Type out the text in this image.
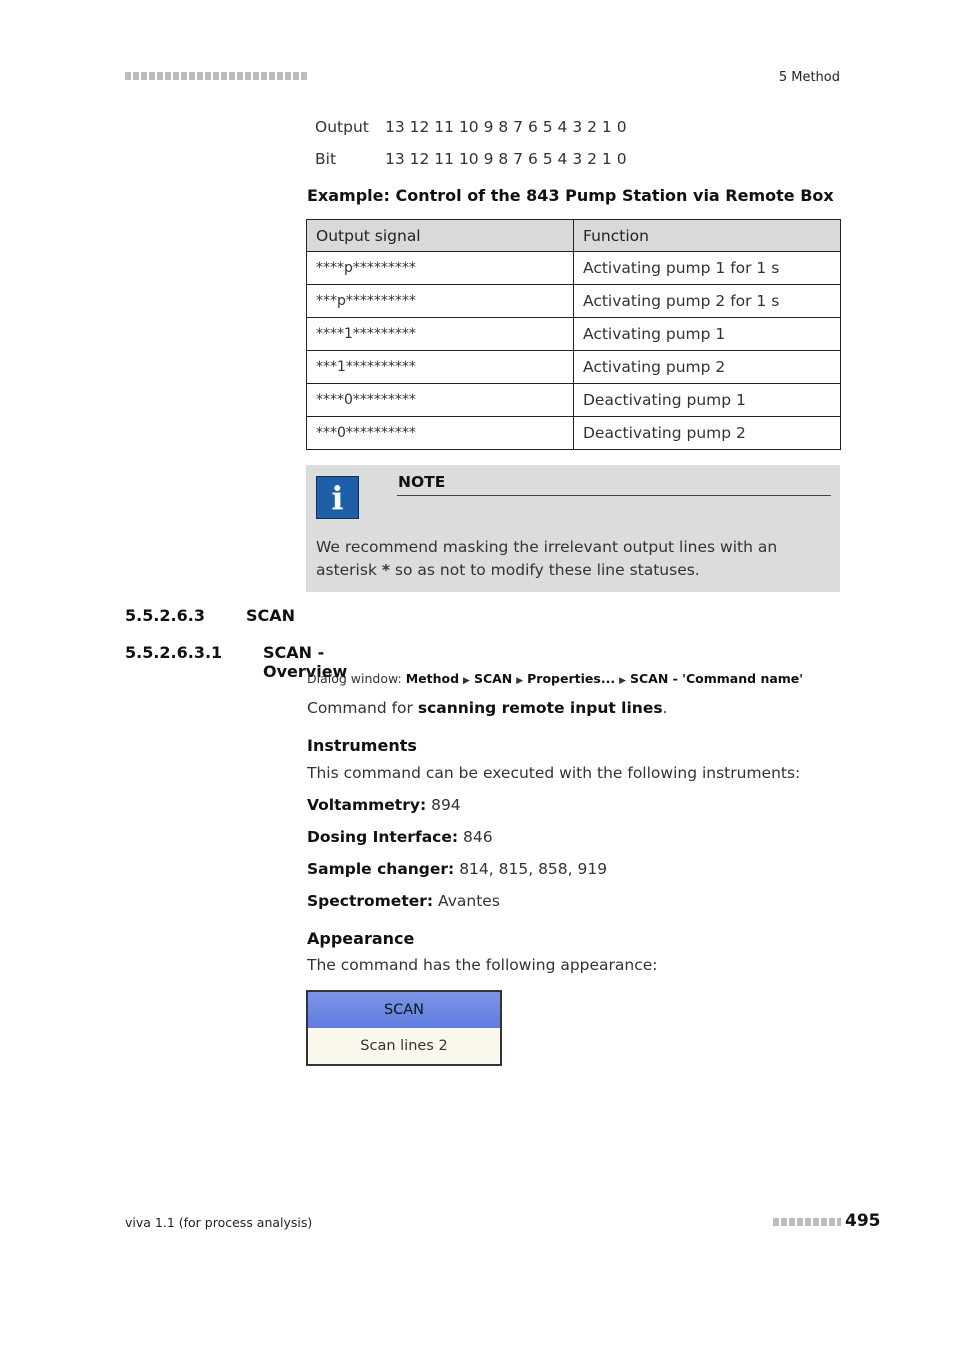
5 Method
Output 13 12 11 10 9 8 7 6 5 4 3 2 1 0
Bit	13 12 11 10 9 8 7 6 5 4 3 2 1 0
Example: Control of the 843 Pump Station via Remote Box
Output signal	Function
****p*********	Activating pump 1 for 1 s
***p**********	Activating pump 2 for 1 s
****1*********	Activating pump 1
***1**********	Activating pump 2
****0*********	Deactivating pump 1
***0**********	Deactivating pump 2
i	NOTE
We recommend masking the irrelevant output lines with an asterisk * so as not to modify these line statuses.
5.5.2.6.3	SCAN
5.5.2.6.3.1	SCAN - Overview
Dialog window: Method ▶ SCAN ▶ Properties... ▶ SCAN - 'Command name'
Command for scanning remote input lines.
Instruments
This command can be executed with the following instruments:
Voltammetry: 894
Dosing Interface: 846
Sample changer: 814, 815, 858, 919
Spectrometer: Avantes
Appearance
The command has the following appearance:
SCAN
Scan lines 2
viva 1.1 (for process analysis)	495
